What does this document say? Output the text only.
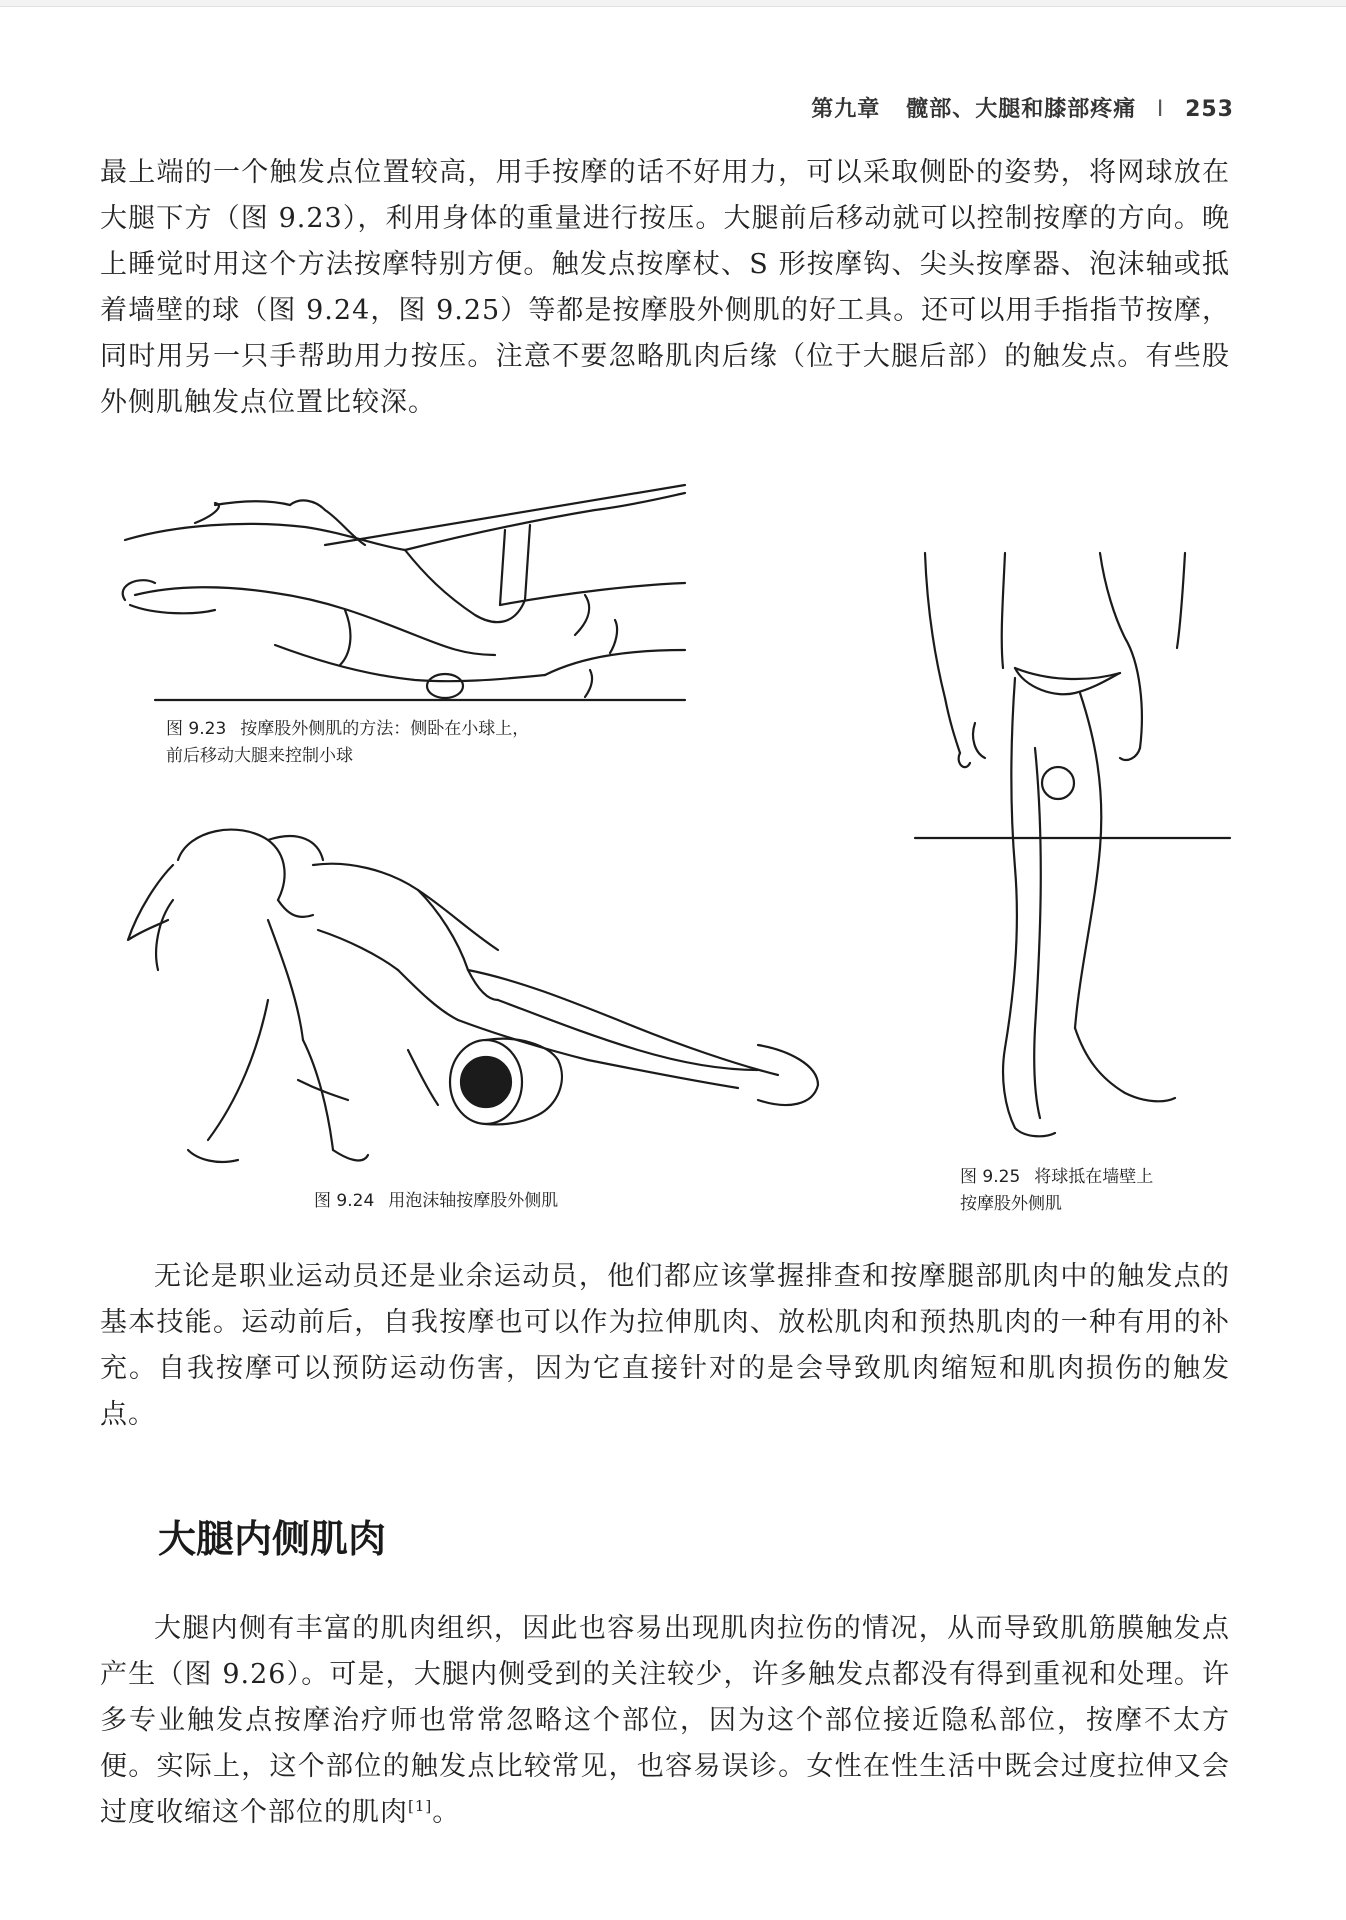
第九章 髋部、大腿和膝部疼痛 I 253

最上端的一个触发点位置较高，用手按摩的话不好用力，可以采取侧卧的姿势，将网球放在大腿下方（图 9.23），利用身体的重量进行按压。大腿前后移动就可以控制按摩的方向。晚上睡觉时用这个方法按摩特别方便。触发点按摩杖、S 形按摩钩、尖头按摩器、泡沫轴或抵着墙壁的球（图 9.24，图 9.25）等都是按摩股外侧肌的好工具。还可以用手指指节按摩，同时用另一只手帮助用力按压。注意不要忽略肌肉后缘（位于大腿后部）的触发点。有些股外侧肌触发点位置比较深。

图 9.23 按摩股外侧肌的方法：侧卧在小球上，
前后移动大腿来控制小球
图 9.24 用泡沫轴按摩股外侧肌
图 9.25 将球抵在墙壁上
按摩股外侧肌

无论是职业运动员还是业余运动员，他们都应该掌握排查和按摩腿部肌肉中的触发点的基本技能。运动前后，自我按摩也可以作为拉伸肌肉、放松肌肉和预热肌肉的一种有用的补充。自我按摩可以预防运动伤害，因为它直接针对的是会导致肌肉缩短和肌肉损伤的触发点。

大腿内侧肌肉

大腿内侧有丰富的肌肉组织，因此也容易出现肌肉拉伤的情况，从而导致肌筋膜触发点产生（图 9.26）。可是，大腿内侧受到的关注较少，许多触发点都没有得到重视和处理。许多专业触发点按摩治疗师也常常忽略这个部位，因为这个部位接近隐私部位，按摩不太方便。实际上，这个部位的触发点比较常见，也容易误诊。女性在性生活中既会过度拉伸又会过度收缩这个部位的肌肉[1]。
